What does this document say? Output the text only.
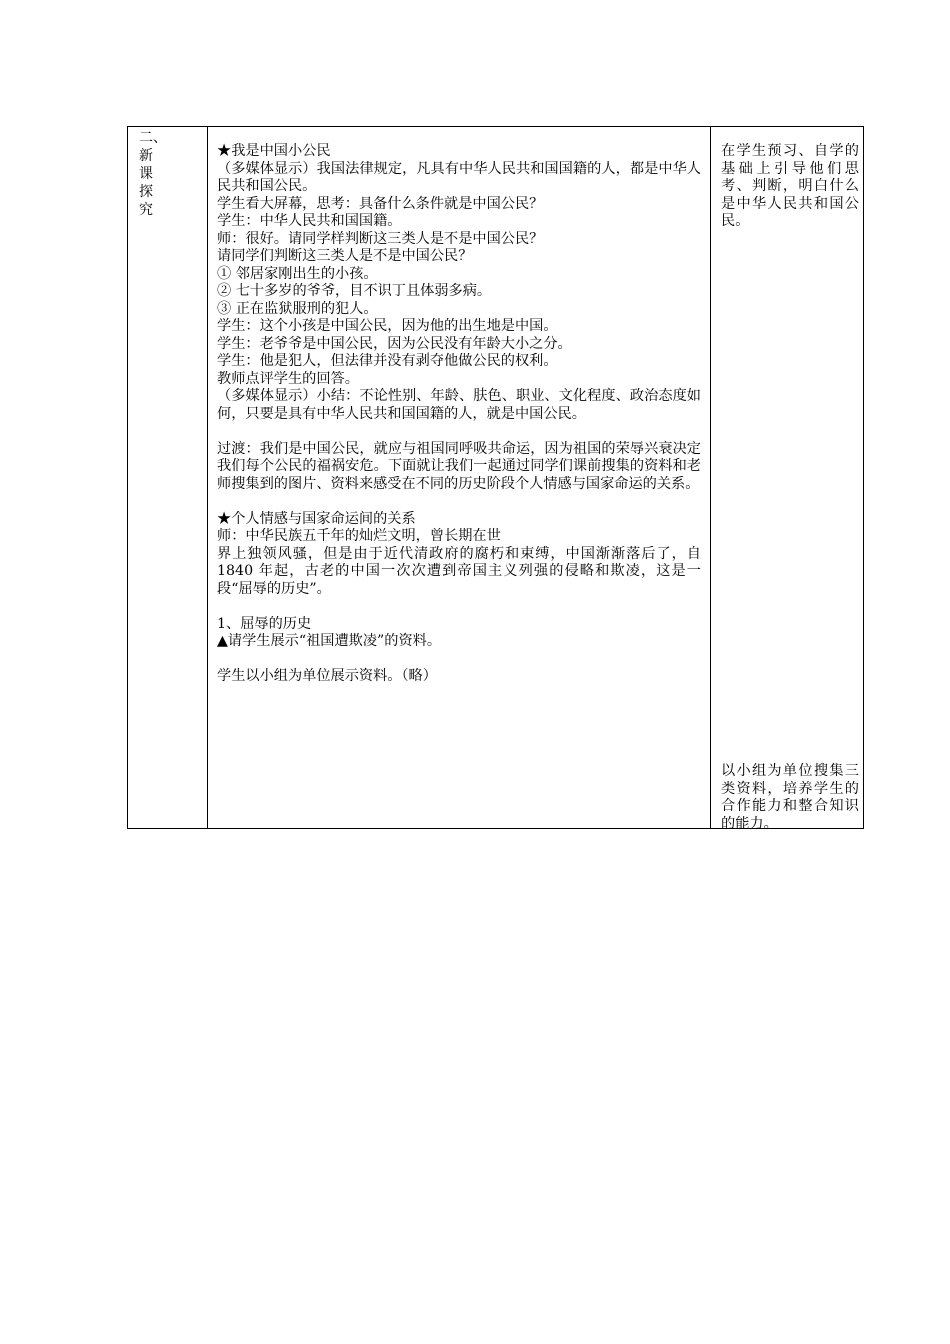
二、新课探究

★我是中国小公民

（多媒体显示）我国法律规定，凡具有中华人民共和国国籍的人，都是中华人民共和国公民。

学生看大屏幕，思考：具备什么条件就是中国公民？

学生：中华人民共和国国籍。

师：很好。请同学样判断这三类人是不是中国公民？

请同学们判断这三类人是不是中国公民？

① 邻居家刚出生的小孩。

② 七十多岁的爷爷，目不识丁且体弱多病。

③ 正在监狱服刑的犯人。

学生：这个小孩是中国公民，因为他的出生地是中国。

学生：老爷爷是中国公民，因为公民没有年龄大小之分。

学生：他是犯人，但法律并没有剥夺他做公民的权利。

教师点评学生的回答。

（多媒体显示）小结：不论性别、年龄、肤色、职业、文化程度、政治态度如何，只要是具有中华人民共和国国籍的人，就是中国公民。

过渡：我们是中国公民，就应与祖国同呼吸共命运，因为祖国的荣辱兴衰决定我们每个公民的福祸安危。下面就让我们一起通过同学们课前搜集的资料和老师搜集到的图片、资料来感受在不同的历史阶段个人情感与国家命运的关系。

★个人情感与国家命运间的关系

师：中华民族五千年的灿烂文明，曾长期在世

界上独领风骚，但是由于近代清政府的腐朽和束缚，中国渐渐落后了，自 1840 年起，古老的中国一次次遭到帝国主义列强的侵略和欺凌，这是一段“屈辱的历史”。

1、屈辱的历史

▲请学生展示“祖国遭欺凌”的资料。

学生以小组为单位展示资料。（略）

在学生预习、自学的基础上引导他们思考、判断，明白什么是中华人民共和国公民。
以小组为单位搜集三类资料，培养学生的合作能力和整合知识的能力。
